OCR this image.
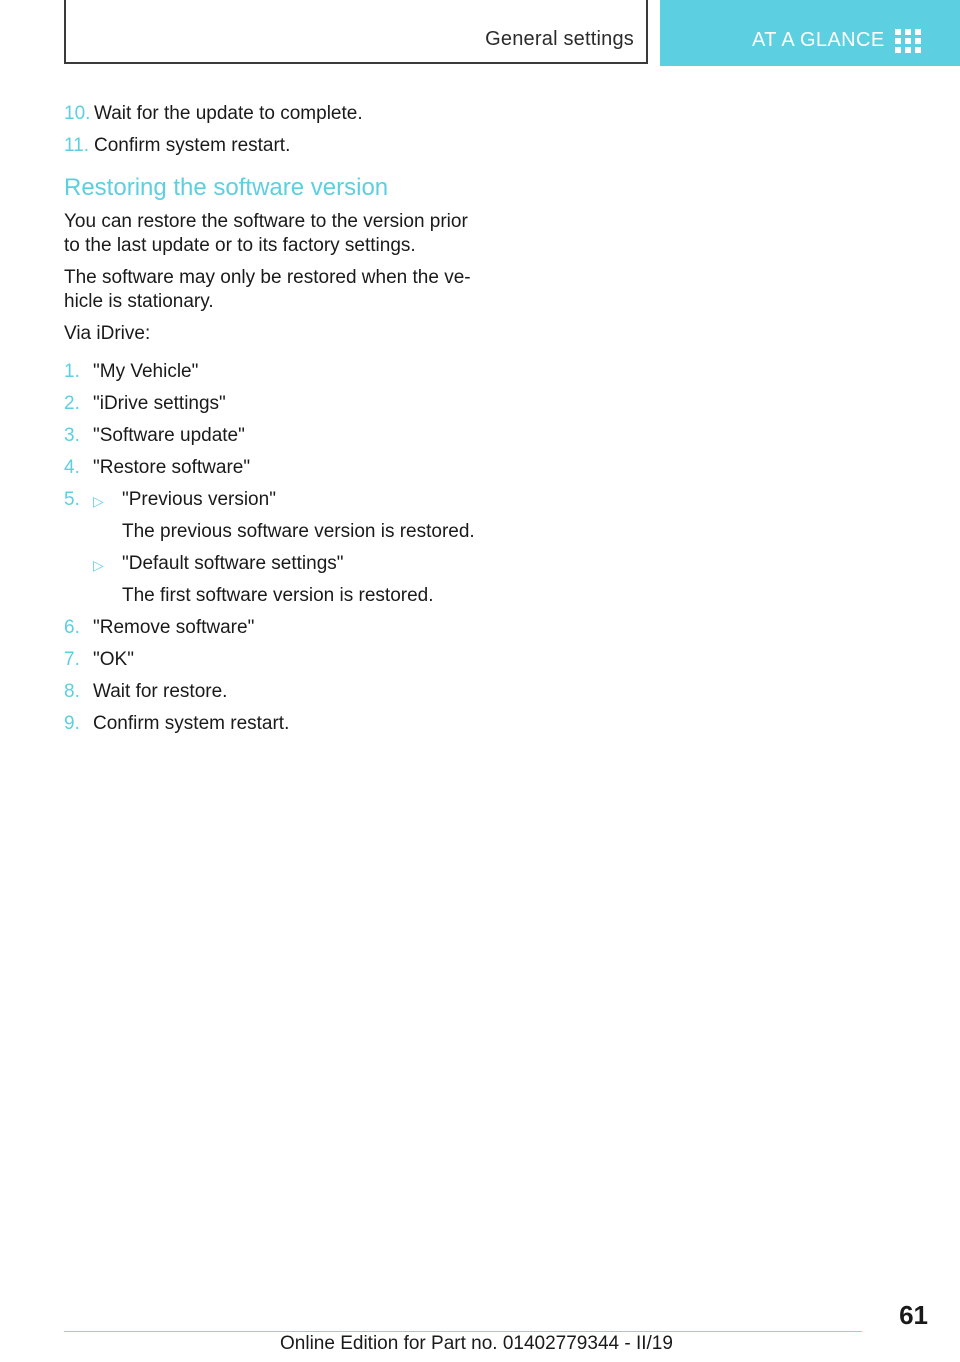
General settings	AT A GLANCE
10. Wait for the update to complete.
11. Confirm system restart.
Restoring the software version

You can restore the software to the version prior to the last update or to its factory settings.

The software may only be restored when the ve‐hicle is stationary.

Via iDrive:

1. "My Vehicle"
2. "iDrive settings"
3. "Software update"
4. "Restore software"
5. ▷ "Previous version"
The previous software version is restored.
▷ "Default software settings"
The first software version is restored.
6. "Remove software"
7. "OK"
8. Wait for restore.
9. Confirm system restart.
61
Online Edition for Part no. 01402779344 - II/19
